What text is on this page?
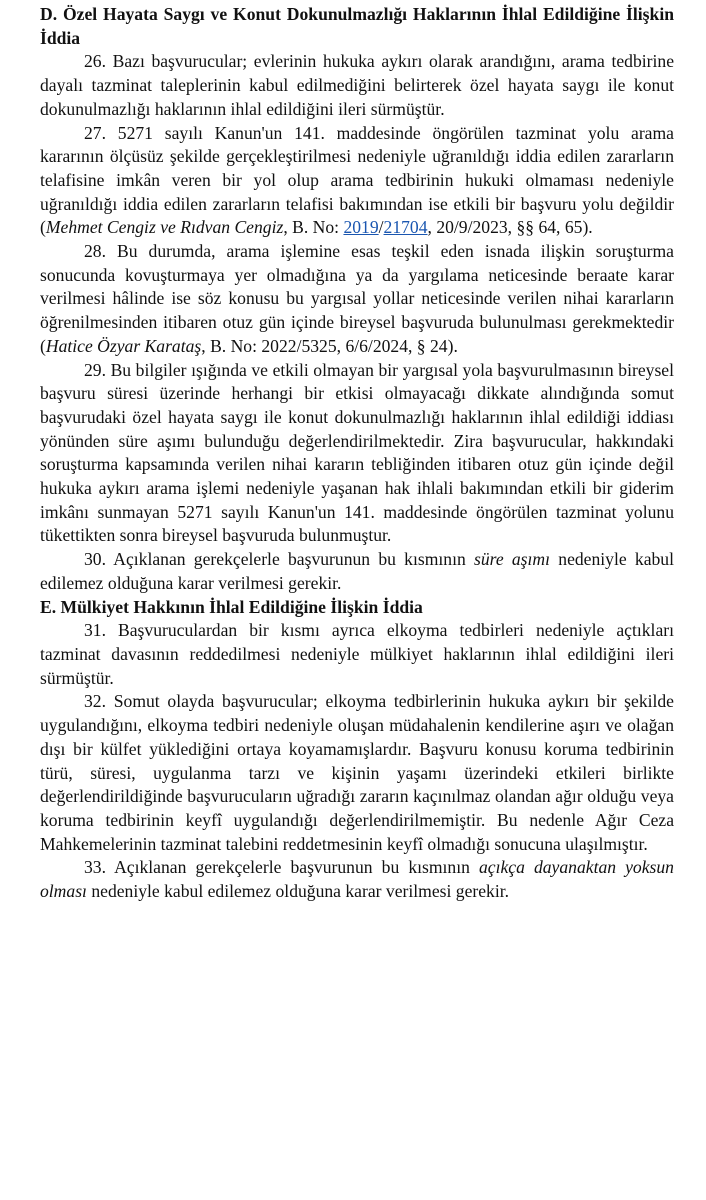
D. Özel Hayata Saygı ve Konut Dokunulmazlığı Haklarının İhlal Edildiğine İlişkin İddia

26. Bazı başvurucular; evlerinin hukuka aykırı olarak arandığını, arama tedbirine dayalı tazminat taleplerinin kabul edilmediğini belirterek özel hayata saygı ile konut dokunulmazlığı haklarının ihlal edildiğini ileri sürmüştür.

27. 5271 sayılı Kanun'un 141. maddesinde öngörülen tazminat yolu arama kararının ölçüsüz şekilde gerçekleştirilmesi nedeniyle uğranıldığı iddia edilen zararların telafisine imkân veren bir yol olup arama tedbirinin hukuki olmaması nedeniyle uğranıldığı iddia edilen zararların telafisi bakımından ise etkili bir başvuru yolu değildir (Mehmet Cengiz ve Rıdvan Cengiz, B. No: 2019/21704, 20/9/2023, §§ 64, 65).

28. Bu durumda, arama işlemine esas teşkil eden isnada ilişkin soruşturma sonucunda kovuşturmaya yer olmadığına ya da yargılama neticesinde beraate karar verilmesi hâlinde ise söz konusu bu yargısal yollar neticesinde verilen nihai kararların öğrenilmesinden itibaren otuz gün içinde bireysel başvuruda bulunulması gerekmektedir (Hatice Özyar Karataş, B. No: 2022/5325, 6/6/2024, § 24).

29. Bu bilgiler ışığında ve etkili olmayan bir yargısal yola başvurulmasının bireysel başvuru süresi üzerinde herhangi bir etkisi olmayacağı dikkate alındığında somut başvurudaki özel hayata saygı ile konut dokunulmazlığı haklarının ihlal edildiği iddiası yönünden süre aşımı bulunduğu değerlendirilmektedir. Zira başvurucular, hakkındaki soruşturma kapsamında verilen nihai kararın tebliğinden itibaren otuz gün içinde değil hukuka aykırı arama işlemi nedeniyle yaşanan hak ihlali bakımından etkili bir giderim imkânı sunmayan 5271 sayılı Kanun'un 141. maddesinde öngörülen tazminat yolunu tükettikten sonra bireysel başvuruda bulunmuştur.

30. Açıklanan gerekçelerle başvurunun bu kısmının süre aşımı nedeniyle kabul edilemez olduğuna karar verilmesi gerekir.

E. Mülkiyet Hakkının İhlal Edildiğine İlişkin İddia

31. Başvuruculardan bir kısmı ayrıca elkoyma tedbirleri nedeniyle açtıkları tazminat davasının reddedilmesi nedeniyle mülkiyet haklarının ihlal edildiğini ileri sürmüştür.

32. Somut olayda başvurucular; elkoyma tedbirlerinin hukuka aykırı bir şekilde uygulandığını, elkoyma tedbiri nedeniyle oluşan müdahalenin kendilerine aşırı ve olağan dışı bir külfet yüklediğini ortaya koyamamışlardır. Başvuru konusu koruma tedbirinin türü, süresi, uygulanma tarzı ve kişinin yaşamı üzerindeki etkileri birlikte değerlendirildiğinde başvurucuların uğradığı zararın kaçınılmaz olandan ağır olduğu veya koruma tedbirinin keyfî uygulandığı değerlendirilmemiştir. Bu nedenle Ağır Ceza Mahkemelerinin tazminat talebini reddetmesinin keyfî olmadığı sonucuna ulaşılmıştır.

33. Açıklanan gerekçelerle başvurunun bu kısmının açıkça dayanaktan yoksun olması nedeniyle kabul edilemez olduğuna karar verilmesi gerekir.
